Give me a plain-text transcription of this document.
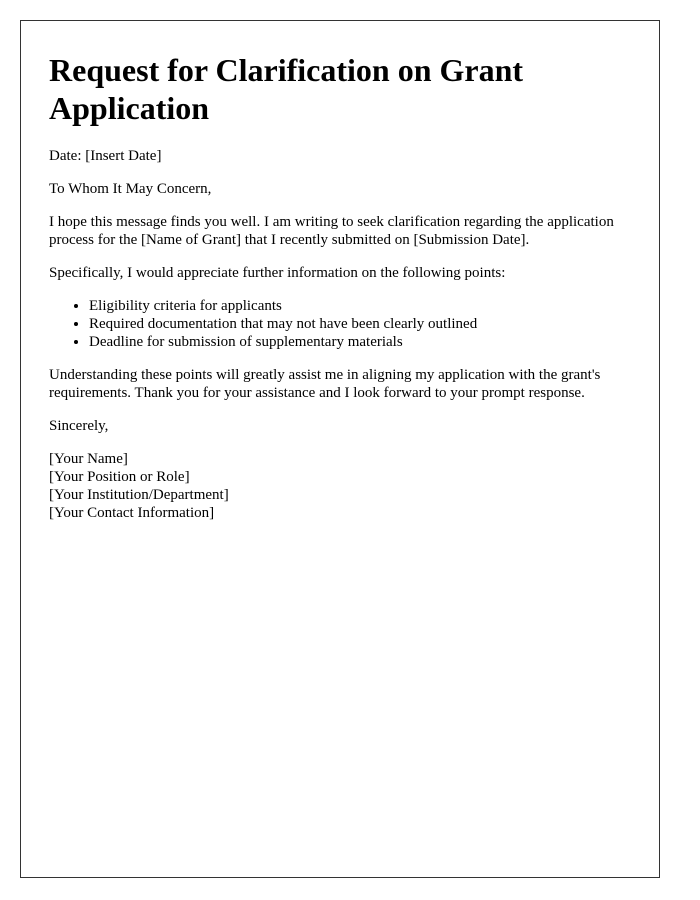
Request for Clarification on Grant Application

Date: [Insert Date]

To Whom It May Concern,

I hope this message finds you well. I am writing to seek clarification regarding the application process for the [Name of Grant] that I recently submitted on [Submission Date].

Specifically, I would appreciate further information on the following points:

• Eligibility criteria for applicants
• Required documentation that may not have been clearly outlined
• Deadline for submission of supplementary materials

Understanding these points will greatly assist me in aligning my application with the grant's requirements. Thank you for your assistance and I look forward to your prompt response.

Sincerely,

[Your Name]
[Your Position or Role]
[Your Institution/Department]
[Your Contact Information]
